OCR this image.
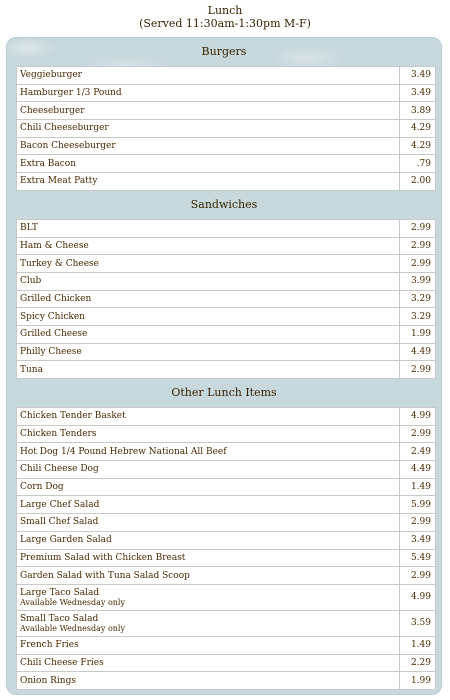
Lunch
(Served 11:30am-1:30pm M-F)
Burgers
Veggieburger	3.49
Hamburger 1/3 Pound	3.49
Cheeseburger	3.89
Chili Cheeseburger	4.29
Bacon Cheeseburger	4.29
Extra Bacon	.79
Extra Meat Patty	2.00
Sandwiches
BLT	2.99
Ham & Cheese	2.99
Turkey & Cheese	2.99
Club	3.99
Grilled Chicken	3.29
Spicy Chicken	3.29
Grilled Cheese	1.99
Philly Cheese	4.49
Tuna	2.99
Other Lunch Items
Chicken Tender Basket	4.99
Chicken Tenders	2.99
Hot Dog 1/4 Pound Hebrew National All Beef	2.49
Chili Cheese Dog	4.49
Corn Dog	1.49
Large Chef Salad	5.99
Small Chef Salad	2.99
Large Garden Salad	3.49
Premium Salad with Chicken Breast	5.49
Garden Salad with Tuna Salad Scoop	2.99

Large Taco Salad
Available Wednesday only	4.99

Small Taco Salad
Available Wednesday only	3.59
French Fries	1.49
Chili Cheese Fries	2.29
Onion Rings	1.99
